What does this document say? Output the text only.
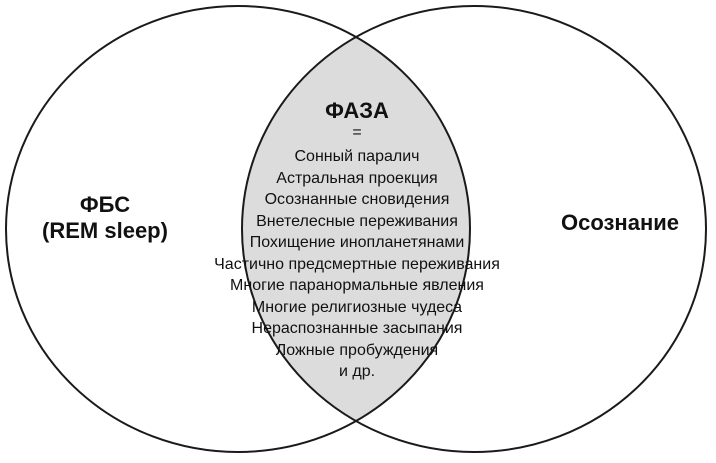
ФБС
(REM sleep)	Осознание
ФАЗА
=
Сонный паралич
Астральная проекция
Осознанные сновидения
Внетелесные переживания
Похищение инопланетянами
Частично предсмертные переживания
Многие паранормальные явления
Многие религиозные чудеса
Нераспознанные засыпания
Ложные пробуждения
и др.
